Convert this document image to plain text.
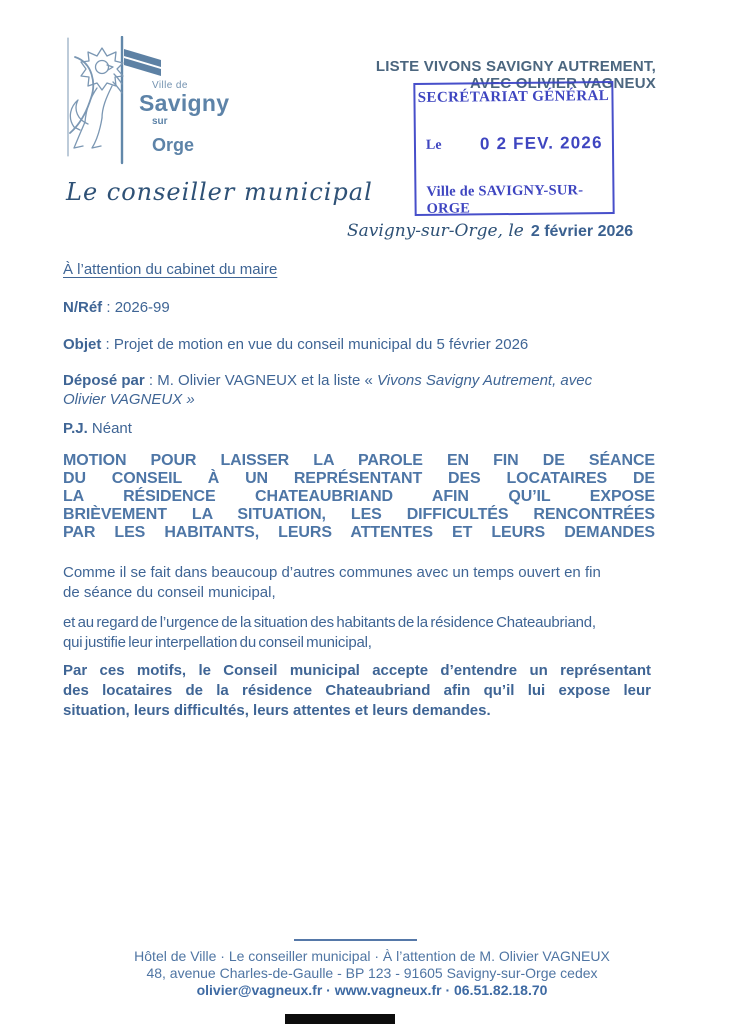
Ville de
Savigny
$^{sur}$ Orge
LISTE VIVONS SAVIGNY AUTREMENT,
AVEC OLIVIER VAGNEUX
SECRÉTARIAT GÉNÉRAL
Le 0 2 FEV. 2026
Ville de SAVIGNY-SUR-ORGE
Le conseiller municipal
Savigny-sur-Orge, le 2 février 2026
À l’attention du cabinet du maire
N/Réf : 2026-99
Objet : Projet de motion en vue du conseil municipal du 5 février 2026
Déposé par : M. Olivier VAGNEUX et la liste « Vivons Savigny Autrement, avec
Olivier VAGNEUX »
P.J. Néant
MOTION POUR LAISSER LA PAROLE EN FIN DE SÉANCE
DU CONSEIL À UN REPRÉSENTANT DES LOCATAIRES DE
LA RÉSIDENCE CHATEAUBRIAND AFIN QU’IL EXPOSE
BRIÈVEMENT LA SITUATION, LES DIFFICULTÉS RENCONTRÉES
PAR LES HABITANTS, LEURS ATTENTES ET LEURS DEMANDES
Comme il se fait dans beaucoup d’autres communes avec un temps ouvert en fin
de séance du conseil municipal,
et au regard de l’urgence de la situation des habitants de la résidence Chateaubriand,
qui justifie leur interpellation du conseil municipal,
Par ces motifs, le Conseil municipal accepte d’entendre un représentant
des locataires de la résidence Chateaubriand afin qu’il lui expose leur
situation, leurs difficultés, leurs attentes et leurs demandes.
Hôtel de Ville · Le conseiller municipal · À l’attention de M. Olivier VAGNEUX
48, avenue Charles-de-Gaulle - BP 123 - 91605 Savigny-sur-Orge cedex
olivier@vagneux.fr · www.vagneux.fr · 06.51.82.18.70
